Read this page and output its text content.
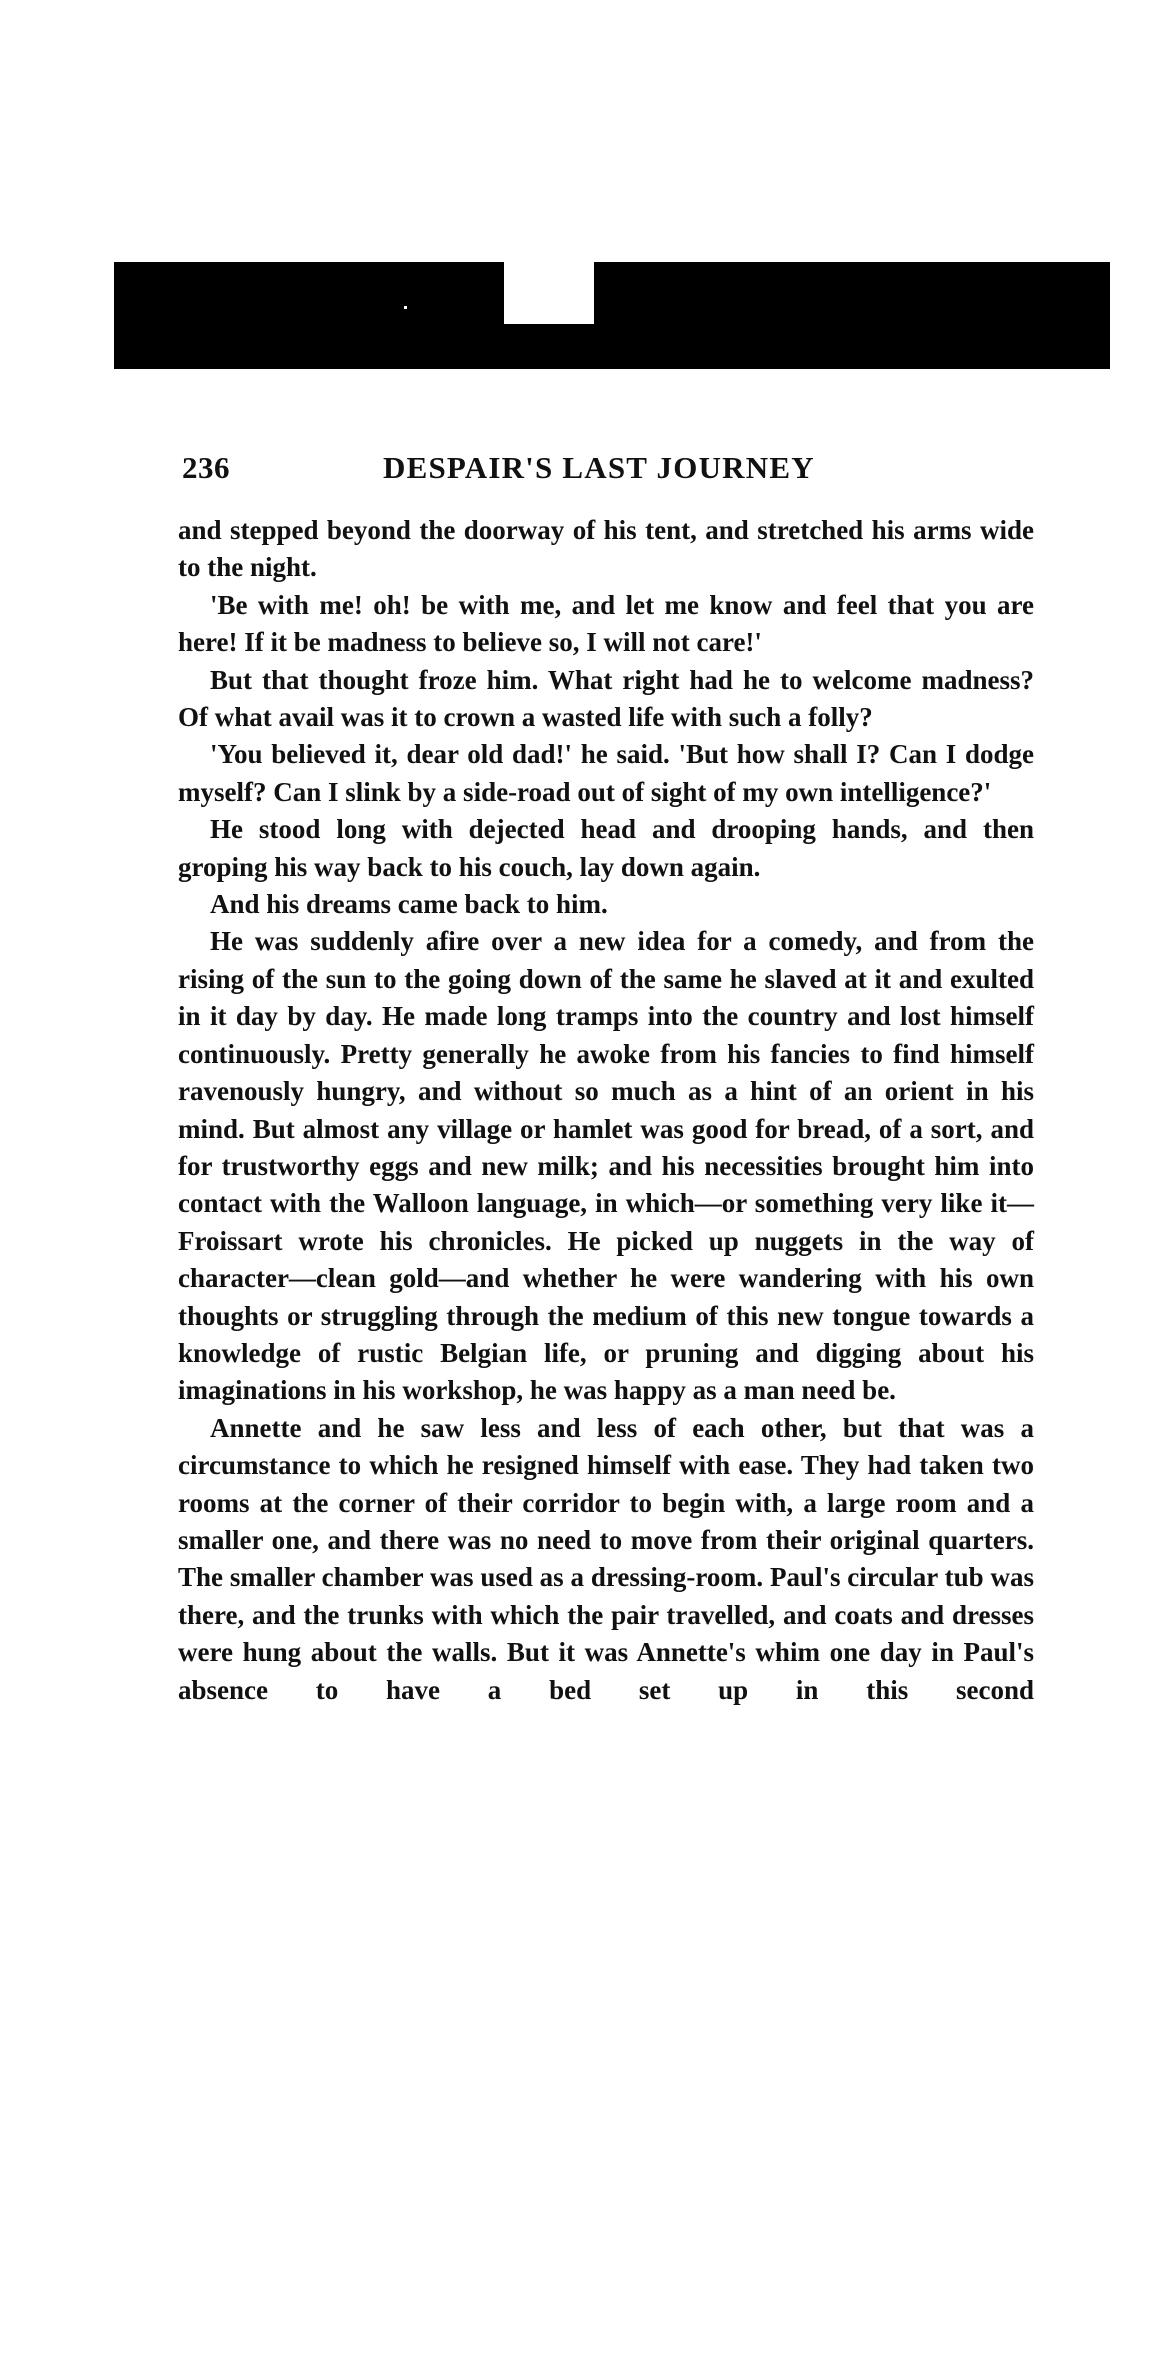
236	DESPAIR'S LAST JOURNEY

and stepped beyond the doorway of his tent, and stretched his arms wide to the night.

'Be with me! oh! be with me, and let me know and feel that you are here! If it be madness to believe so, I will not care!'

But that thought froze him. What right had he to welcome madness? Of what avail was it to crown a wasted life with such a folly?

'You believed it, dear old dad!' he said. 'But how shall I? Can I dodge myself? Can I slink by a side-road out of sight of my own intelligence?'

He stood long with dejected head and drooping hands, and then groping his way back to his couch, lay down again.

And his dreams came back to him.

He was suddenly afire over a new idea for a comedy, and from the rising of the sun to the going down of the same he slaved at it and exulted in it day by day. He made long tramps into the country and lost himself continuously. Pretty generally he awoke from his fancies to find himself ravenously hungry, and without so much as a hint of an orient in his mind. But almost any village or hamlet was good for bread, of a sort, and for trustworthy eggs and new milk; and his necessities brought him into contact with the Walloon language, in which—or something very like it—Froissart wrote his chronicles. He picked up nuggets in the way of character—clean gold—and whether he were wandering with his own thoughts or struggling through the medium of this new tongue towards a knowledge of rustic Belgian life, or pruning and digging about his imaginations in his workshop, he was happy as a man need be.

Annette and he saw less and less of each other, but that was a circumstance to which he resigned himself with ease. They had taken two rooms at the corner of their corridor to begin with, a large room and a smaller one, and there was no need to move from their original quarters. The smaller chamber was used as a dressing-room. Paul's circular tub was there, and the trunks with which the pair travelled, and coats and dresses were hung about the walls. But it was Annette's whim one day in Paul's absence to have a bed set up in this second
